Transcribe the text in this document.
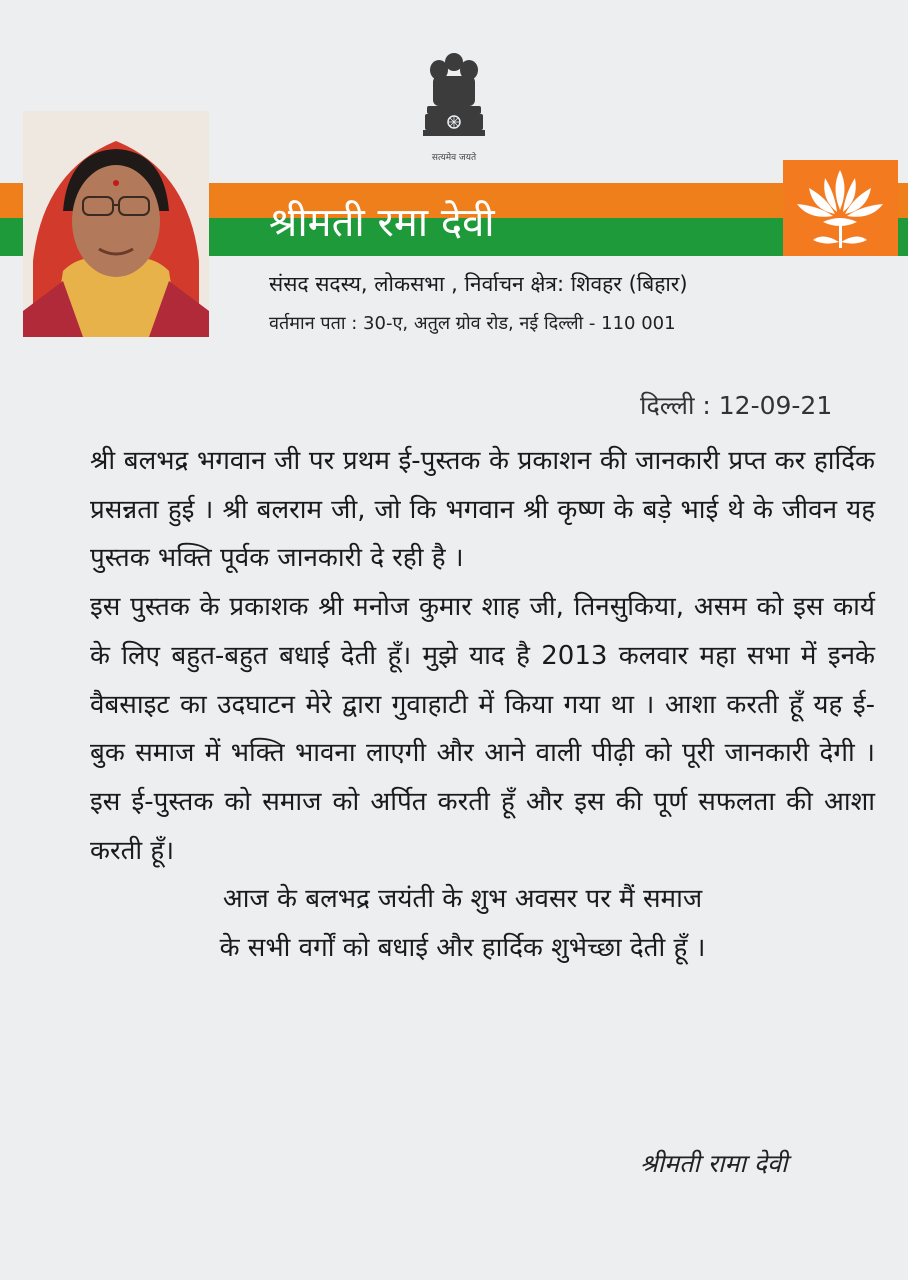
सत्यमेव जयते
श्रीमती रमा देवी
संसद सदस्य, लोकसभा , निर्वाचन क्षेत्र: शिवहर (बिहार)
वर्तमान पता : 30-ए, अतुल ग्रोव रोड, नई दिल्ली - 110 001
दिल्ली : 12-09-21

श्री बलभद्र भगवान जी पर प्रथम ई-पुस्तक के प्रकाशन की जानकारी प्रप्त कर हार्दिक प्रसन्नता हुई । श्री बलराम जी, जो कि भगवान श्री कृष्ण के बड़े भाई थे के जीवन यह पुस्तक भक्ति पूर्वक जानकारी दे रही है ।

इस पुस्तक के प्रकाशक श्री मनोज कुमार शाह जी, तिनसुकिया, असम को इस कार्य के लिए बहुत-बहुत बधाई देती हूँ। मुझे याद है 2013 कलवार महा सभा में इनके वैबसाइट का उदघाटन मेरे द्वारा गुवाहाटी में किया गया था । आशा करती हूँ यह ई-बुक समाज में भक्ति भावना लाएगी और आने वाली पीढ़ी को पूरी जानकारी देगी ।इस ई-पुस्तक को समाज को अर्पित करती हूँ और इस की पूर्ण सफलता की आशा करती हूँ।

आज के बलभद्र जयंती के शुभ अवसर पर मैं समाज

के सभी वर्गों को बधाई और हार्दिक शुभेच्छा देती हूँ ।

श्रीमती रामा देवी
